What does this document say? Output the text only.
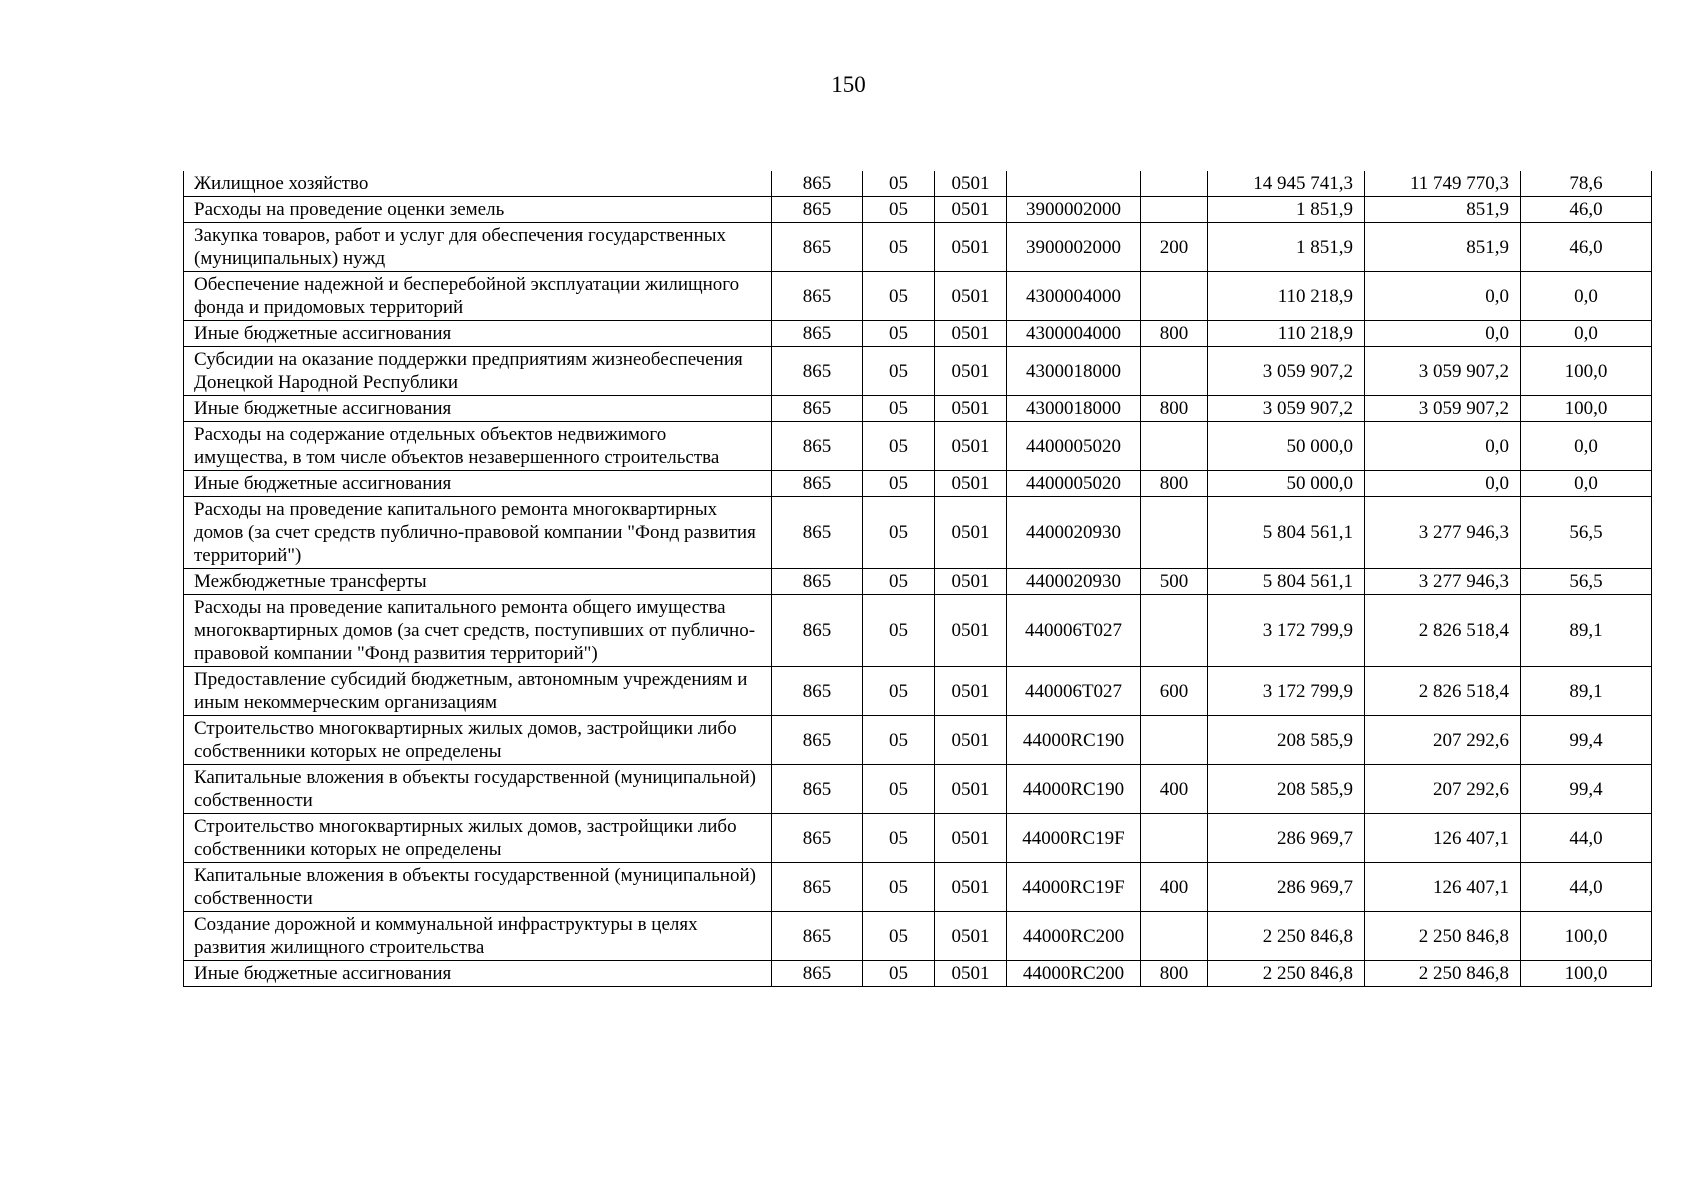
150
Жилищное хозяйство	865	05	0501			14 945 741,3	11 749 770,3	78,6
Расходы на проведение оценки земель	865	05	0501	3900002000		1 851,9	851,9	46,0
Закупка товаров, работ и услуг для обеспечения государственных (муниципальных) нужд	865	05	0501	3900002000	200	1 851,9	851,9	46,0
Обеспечение надежной и бесперебойной эксплуатации жилищного фонда и придомовых территорий	865	05	0501	4300004000		110 218,9	0,0	0,0
Иные бюджетные ассигнования	865	05	0501	4300004000	800	110 218,9	0,0	0,0
Субсидии на оказание поддержки предприятиям жизнеобеспечения Донецкой Народной Республики	865	05	0501	4300018000		3 059 907,2	3 059 907,2	100,0
Иные бюджетные ассигнования	865	05	0501	4300018000	800	3 059 907,2	3 059 907,2	100,0
Расходы на содержание отдельных объектов недвижимого имущества, в том числе объектов незавершенного строительства	865	05	0501	4400005020		50 000,0	0,0	0,0
Иные бюджетные ассигнования	865	05	0501	4400005020	800	50 000,0	0,0	0,0
Расходы на проведение капитального ремонта многоквартирных домов (за счет средств публично-правовой компании "Фонд развития территорий")	865	05	0501	4400020930		5 804 561,1	3 277 946,3	56,5
Межбюджетные трансферты	865	05	0501	4400020930	500	5 804 561,1	3 277 946,3	56,5
Расходы на проведение капитального ремонта общего имущества многоквартирных домов (за счет средств, поступивших от публично-правовой компании "Фонд развития территорий")	865	05	0501	440006T027		3 172 799,9	2 826 518,4	89,1
Предоставление субсидий бюджетным, автономным учреждениям и иным некоммерческим организациям	865	05	0501	440006T027	600	3 172 799,9	2 826 518,4	89,1
Строительство многоквартирных жилых домов, застройщики либо собственники которых не определены	865	05	0501	44000RC190		208 585,9	207 292,6	99,4
Капитальные вложения в объекты государственной (муниципальной) собственности	865	05	0501	44000RC190	400	208 585,9	207 292,6	99,4
Строительство многоквартирных жилых домов, застройщики либо собственники которых не определены	865	05	0501	44000RC19F		286 969,7	126 407,1	44,0
Капитальные вложения в объекты государственной (муниципальной) собственности	865	05	0501	44000RC19F	400	286 969,7	126 407,1	44,0
Создание дорожной и коммунальной инфраструктуры в целях развития жилищного строительства	865	05	0501	44000RC200		2 250 846,8	2 250 846,8	100,0
Иные бюджетные ассигнования	865	05	0501	44000RC200	800	2 250 846,8	2 250 846,8	100,0
